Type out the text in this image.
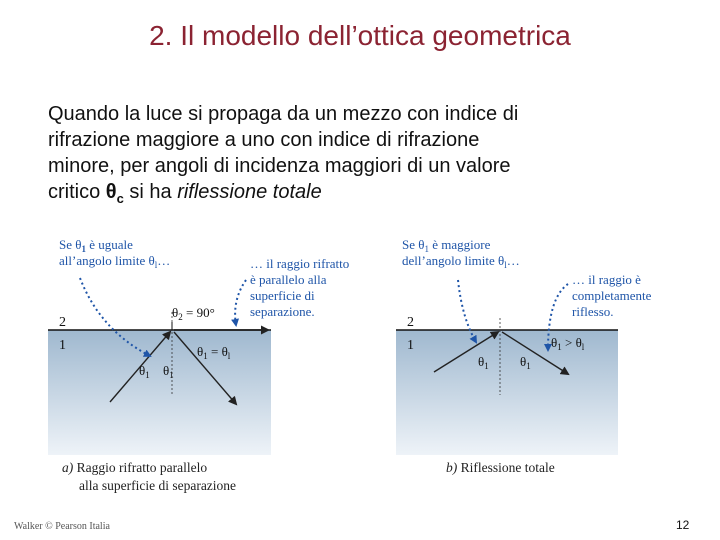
2. Il modello dell’ottica geometrica
Quando la luce si propaga da un mezzo con indice di
rifrazione maggiore a uno con indice di rifrazione
minore, per angoli di incidenza maggiori di un valore
critico $\theta_c$ si ha riflessione totale
Se $\theta_1$ è uguale
all’angolo limite $\theta_l\dots$	… il raggio rifratto
è parallelo alla
superficie di
separazione.
2
1
$\theta_2 = 90^\circ$
$\theta_1 = \theta_l$
$\theta_1$ $\theta_1$
a) Raggio rifratto parallelo
alla superficie di separazione
Se $\theta_1$ è maggiore
dell’angolo limite $\theta_l\dots$
… il raggio è
completamente
riflesso.
2
1	$\theta_1 > \theta_l$
$\theta_1$ $\theta_1$
b) Riflessione totale
Walker © Pearson Italia	12
